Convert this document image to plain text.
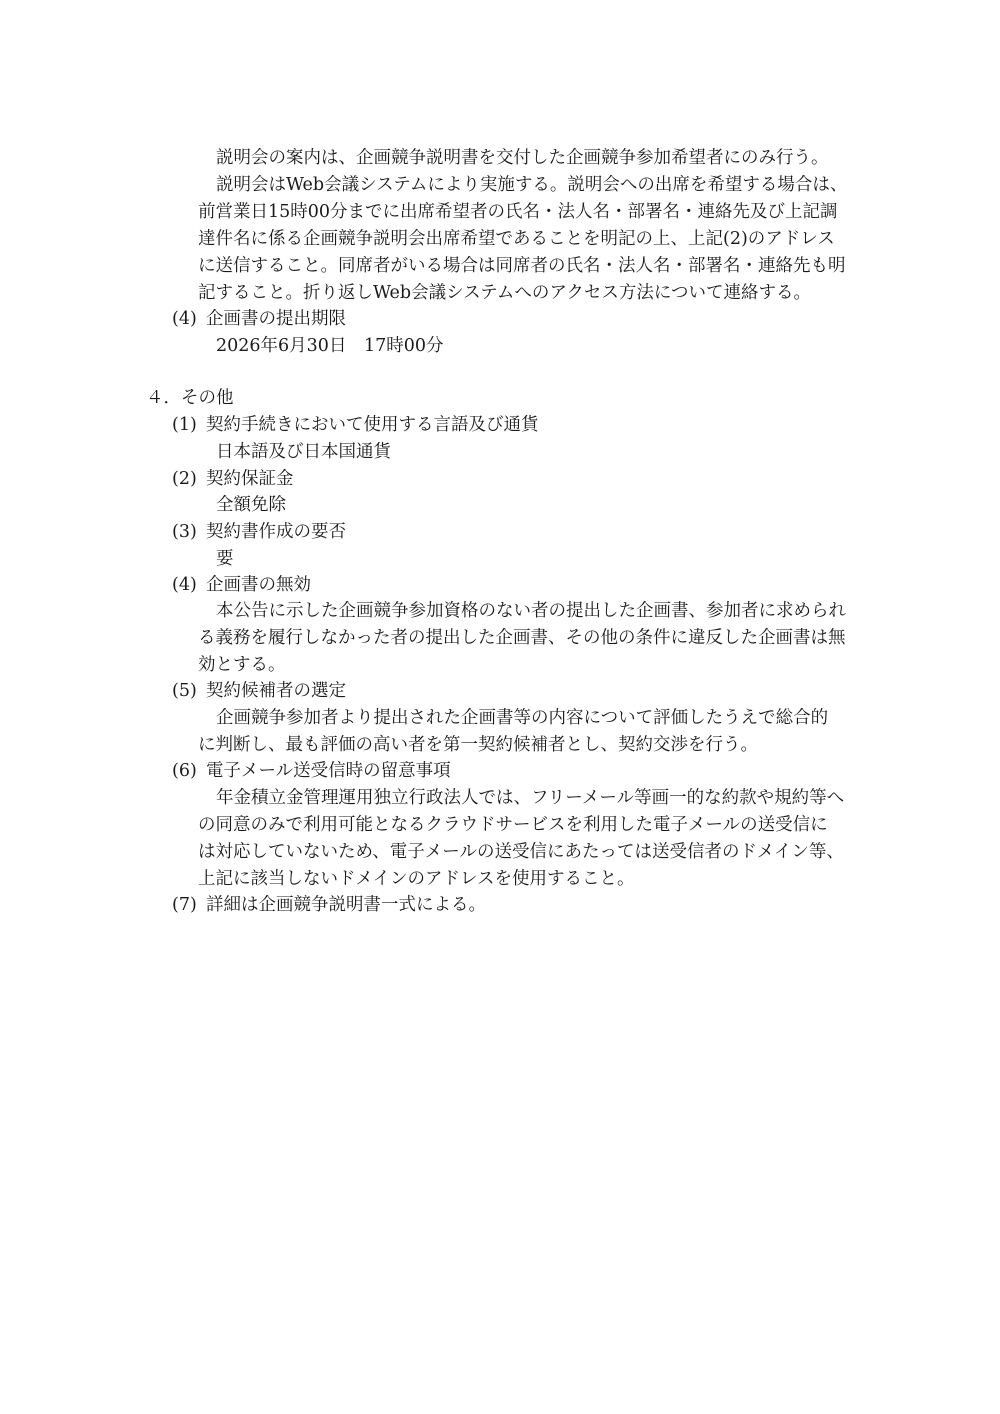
説明会の案内は、企画競争説明書を交付した企画競争参加希望者にのみ行う。
説明会はWeb会議システムにより実施する。説明会への出席を希望する場合は、
前営業日15時00分までに出席希望者の氏名・法人名・部署名・連絡先及び上記調
達件名に係る企画競争説明会出席希望であることを明記の上、上記(2)のアドレス
に送信すること。同席者がいる場合は同席者の氏名・法人名・部署名・連絡先も明
記すること。折り返しWeb会議システムへのアクセス方法について連絡する。
(4) 企画書の提出期限
2026年6月30日　17時00分
４．その他
(1) 契約手続きにおいて使用する言語及び通貨
日本語及び日本国通貨
(2) 契約保証金
全額免除
(3) 契約書作成の要否
要
(4) 企画書の無効
本公告に示した企画競争参加資格のない者の提出した企画書、参加者に求められ
る義務を履行しなかった者の提出した企画書、その他の条件に違反した企画書は無
効とする。
(5) 契約候補者の選定
企画競争参加者より提出された企画書等の内容について評価したうえで総合的
に判断し、最も評価の高い者を第一契約候補者とし、契約交渉を行う。
(6) 電子メール送受信時の留意事項
年金積立金管理運用独立行政法人では、フリーメール等画一的な約款や規約等へ
の同意のみで利用可能となるクラウドサービスを利用した電子メールの送受信に
は対応していないため、電子メールの送受信にあたっては送受信者のドメイン等、
上記に該当しないドメインのアドレスを使用すること。
(7) 詳細は企画競争説明書一式による。
